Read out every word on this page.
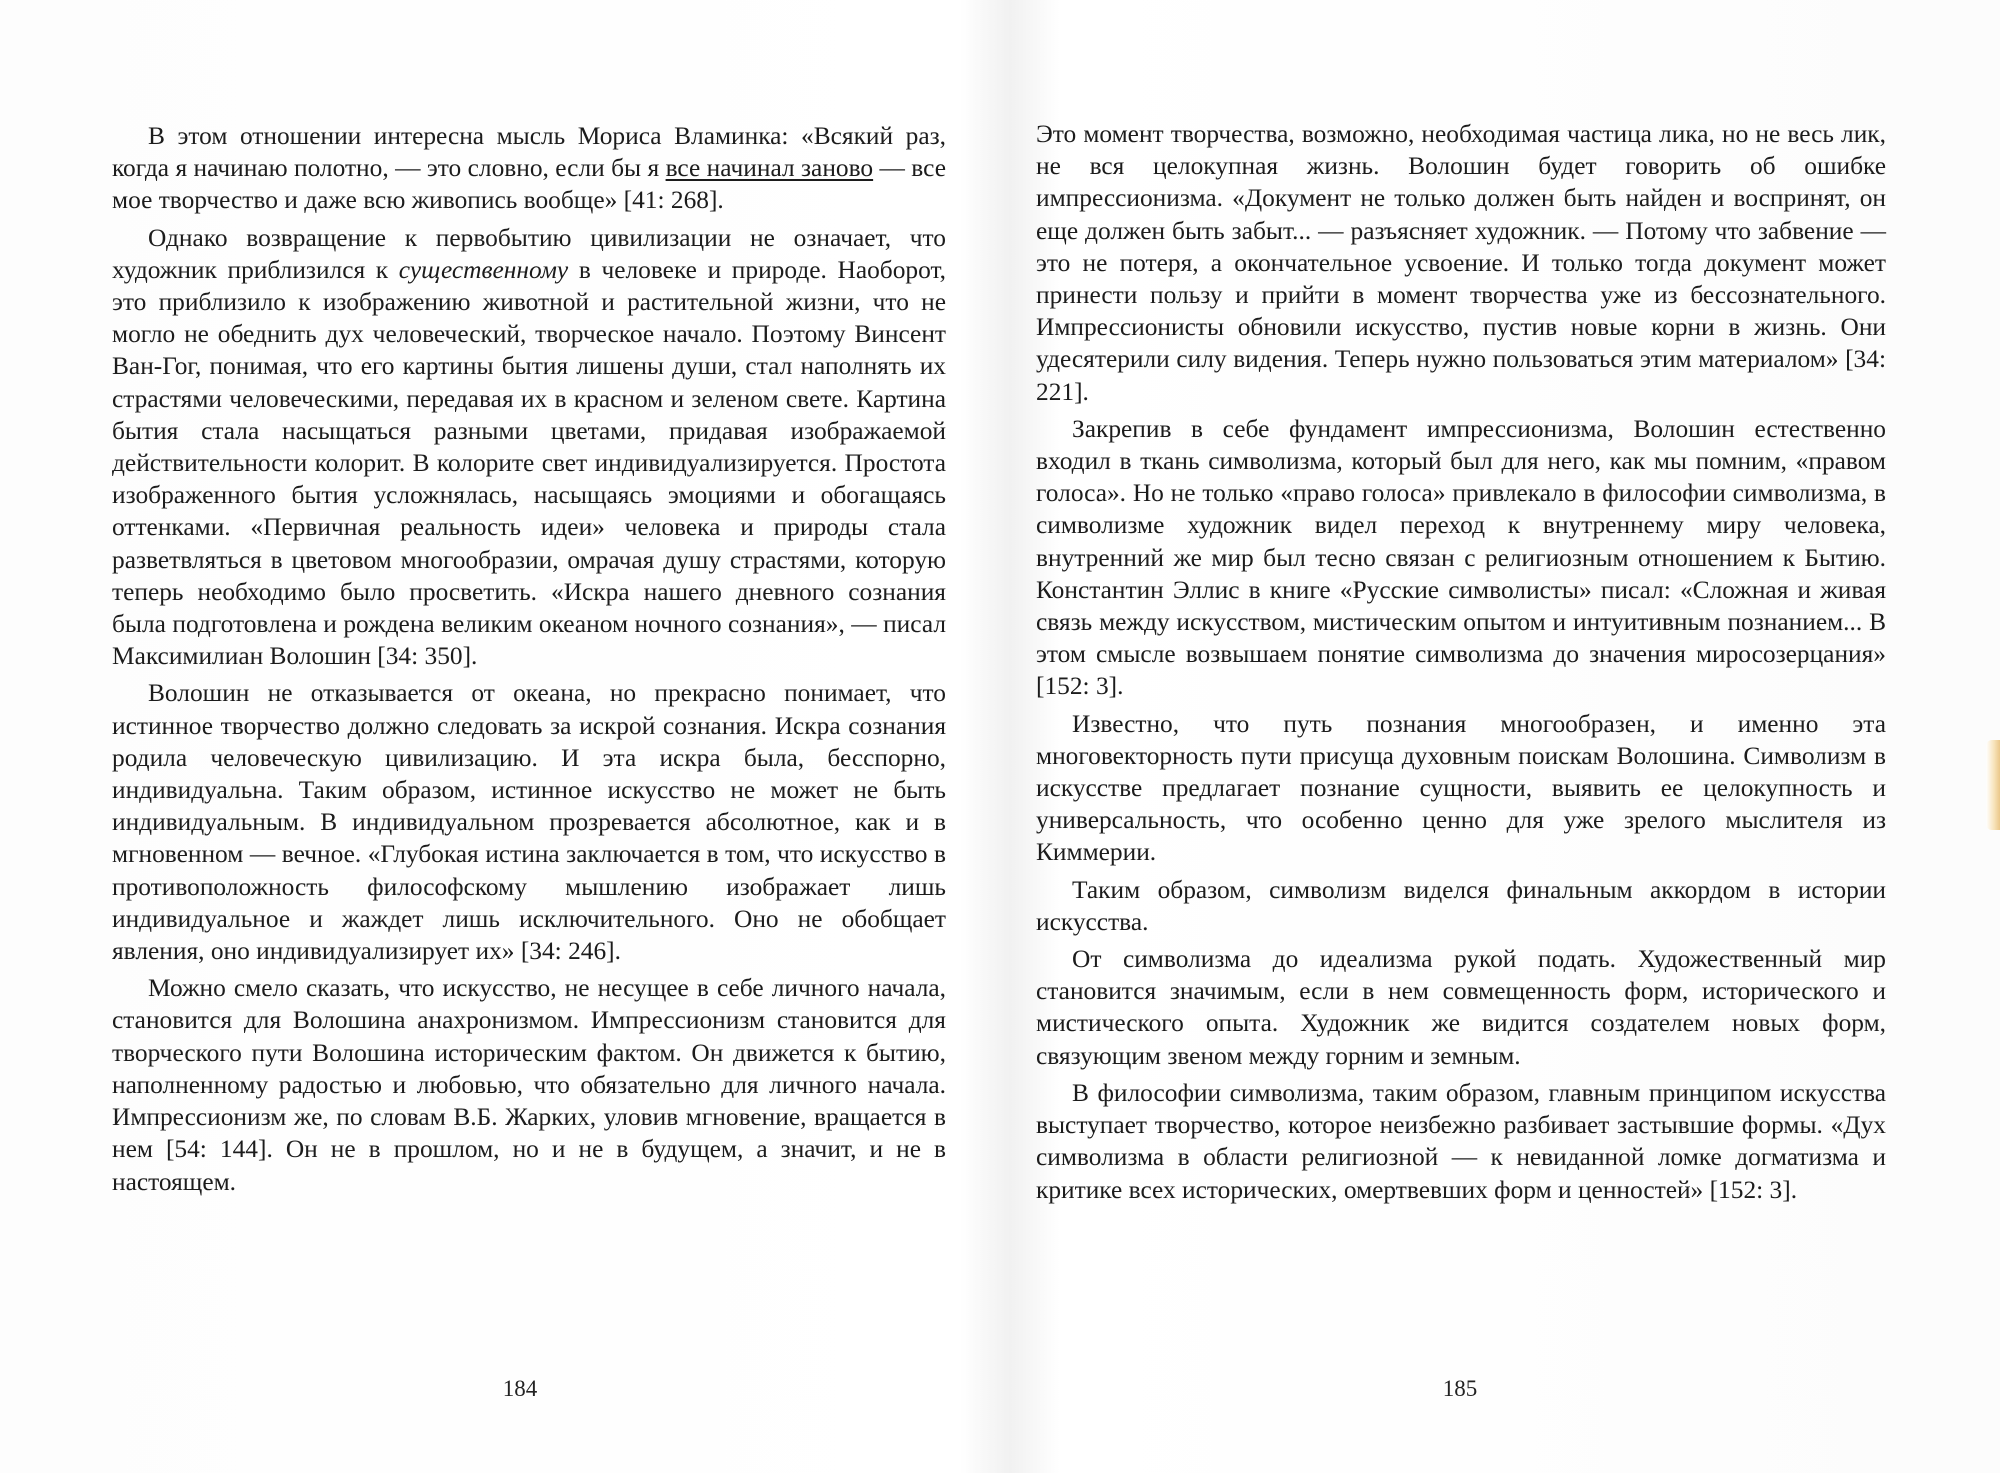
В этом отношении интересна мысль Мориса Вламинка: «Всякий раз, когда я начинаю полотно, — это словно, если бы я все начинал заново — все мое творчество и даже всю живопись вообще» [41: 268].

Однако возвращение к первобытию цивилизации не означает, что художник приблизился к существенному в человеке и природе. Наоборот, это приблизило к изображению животной и растительной жизни, что не могло не обеднить дух человеческий, творческое начало. Поэтому Винсент Ван-Гог, понимая, что его картины бытия лишены души, стал наполнять их страстями человеческими, передавая их в красном и зеленом свете. Картина бытия стала насыщаться разными цветами, придавая изображаемой действительности колорит. В колорите свет индивидуализируется. Простота изображенного бытия усложнялась, насыщаясь эмоциями и обогащаясь оттенками. «Первичная реальность идеи» человека и природы стала разветвляться в цветовом многообразии, омрачая душу страстями, которую теперь необходимо было просветить. «Искра нашего дневного сознания была подготовлена и рождена великим океаном ночного сознания», — писал Максимилиан Волошин [34: 350].

Волошин не отказывается от океана, но прекрасно понимает, что истинное творчество должно следовать за искрой сознания. Искра сознания родила человеческую цивилизацию. И эта искра была, бесспорно, индивидуальна. Таким образом, истинное искусство не может не быть индивидуальным. В индивидуальном прозревается абсолютное, как и в мгновенном — вечное. «Глубокая истина заключается в том, что искусство в противоположность философскому мышлению изображает лишь индивидуальное и жаждет лишь исключительного. Оно не обобщает явления, оно индивидуализирует их» [34: 246].

Можно смело сказать, что искусство, не несущее в себе личного начала, становится для Волошина анахронизмом. Импрессионизм становится для творческого пути Волошина историческим фактом. Он движется к бытию, наполненному радостью и любовью, что обязательно для личного начала. Импрессионизм же, по словам В.Б. Жарких, уловив мгновение, вращается в нем [54: 144]. Он не в прошлом, но и не в будущем, а значит, и не в настоящем.

184

Это момент творчества, возможно, необходимая частица лика, но не весь лик, не вся целокупная жизнь. Волошин будет говорить об ошибке импрессионизма. «Документ не только должен быть найден и воспринят, он еще должен быть забыт... — разъясняет художник. — Потому что забвение — это не потеря, а окончательное усвоение. И только тогда документ может принести пользу и прийти в момент творчества уже из бессознательного. Импрессионисты обновили искусство, пустив новые корни в жизнь. Они удесятерили силу видения. Теперь нужно пользоваться этим материалом» [34: 221].

Закрепив в себе фундамент импрессионизма, Волошин естественно входил в ткань символизма, который был для него, как мы помним, «правом голоса». Но не только «право голоса» привлекало в философии символизма, в символизме художник видел переход к внутреннему миру человека, внутренний же мир был тесно связан с религиозным отношением к Бытию. Константин Эллис в книге «Русские символисты» писал: «Сложная и живая связь между искусством, мистическим опытом и интуитивным познанием... В этом смысле возвышаем понятие символизма до значения миросозерцания» [152: 3].

Известно, что путь познания многообразен, и именно эта многовекторность пути присуща духовным поискам Волошина. Символизм в искусстве предлагает познание сущности, выявить ее целокупность и универсальность, что особенно ценно для уже зрелого мыслителя из Киммерии.

Таким образом, символизм виделся финальным аккордом в истории искусства.

От символизма до идеализма рукой подать. Художественный мир становится значимым, если в нем совмещенность форм, исторического и мистического опыта. Художник же видится создателем новых форм, связующим звеном между горним и земным.

В философии символизма, таким образом, главным принципом искусства выступает творчество, которое неизбежно разбивает застывшие формы. «Дух символизма в области религиозной — к невиданной ломке догматизма и критике всех исторических, омертвевших форм и ценностей» [152: 3].

185
